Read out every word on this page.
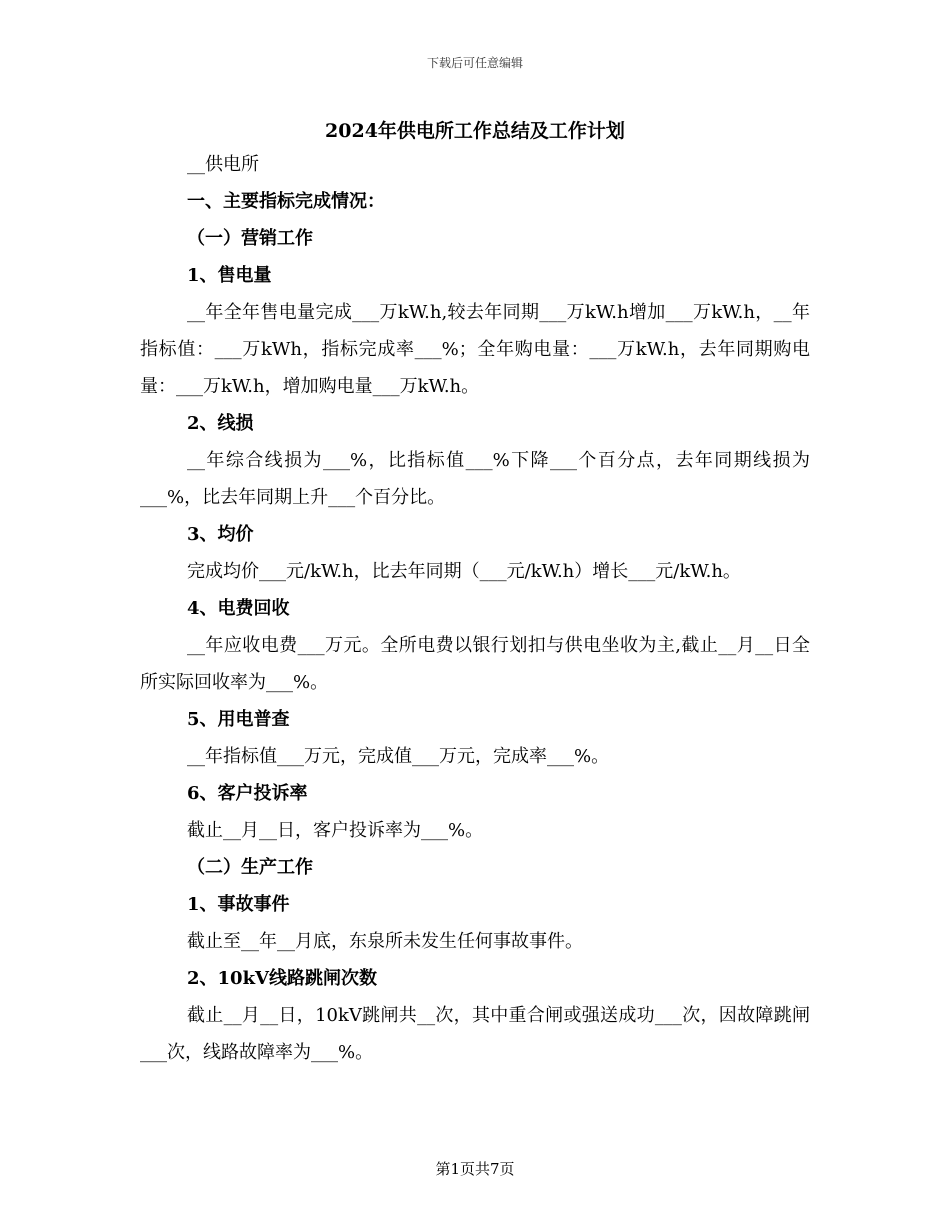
下载后可任意编辑
2024年供电所工作总结及工作计划
__供电所
一、主要指标完成情况：
（一）营销工作
1、售电量
__年全年售电量完成___万kW.h,较去年同期___万kW.h增加___万kW.h，__年指标值：___万kWh，指标完成率___%；全年购电量：___万kW.h，去年同期购电量：___万kW.h，增加购电量___万kW.h。
2、线损
__年综合线损为___%，比指标值___%下降___个百分点，去年同期线损为___%，比去年同期上升___个百分比。
3、均价
完成均价___元/kW.h，比去年同期（___元/kW.h）增长___元/kW.h。
4、电费回收
__年应收电费___万元。全所电费以银行划扣与供电坐收为主,截止__月__日全所实际回收率为___%。
5、用电普查
__年指标值___万元，完成值___万元，完成率___%。
6、客户投诉率
截止__月__日，客户投诉率为___%。
（二）生产工作
1、事故事件
截止至__年__月底，东泉所未发生任何事故事件。
2、10kV线路跳闸次数
截止__月__日，10kV跳闸共__次，其中重合闸或强送成功___次，因故障跳闸___次，线路故障率为___%。
第1页共7页
